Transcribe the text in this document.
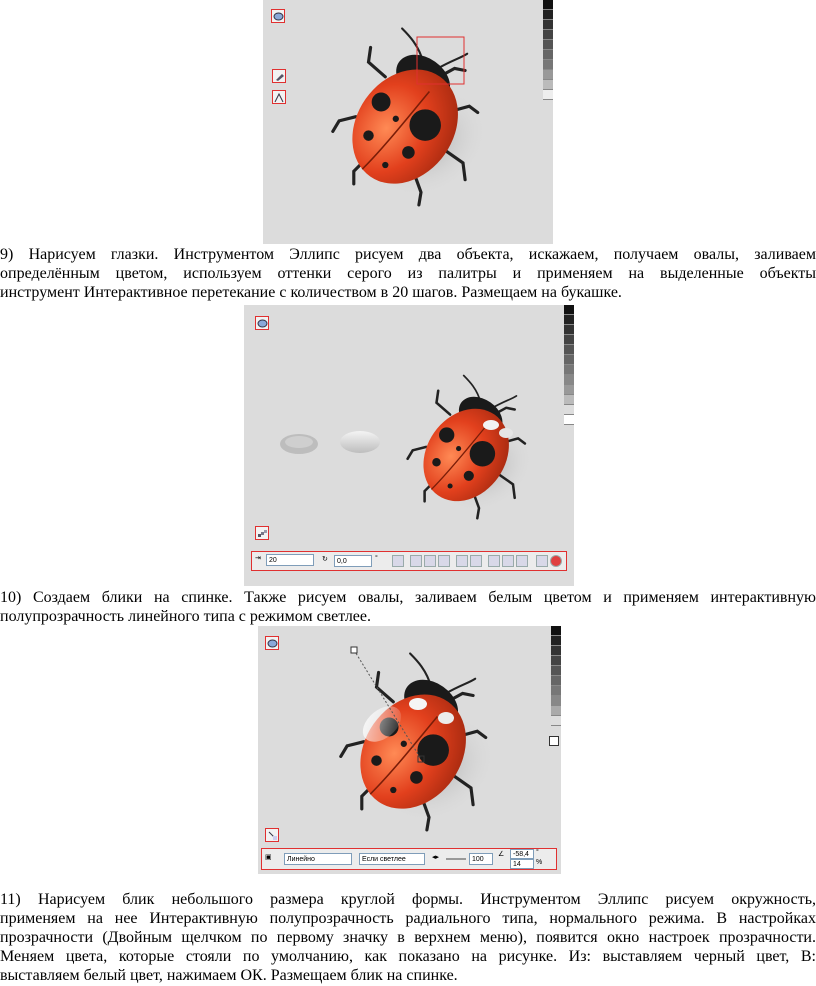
9) Нарисуем глазки. Инструментом Эллипс рисуем два объекта, искажаем, получаем овалы, заливаем
определённым цветом, используем оттенки серого из палитры и применяем на выделенные объекты
инструмент Интерактивное перетекание с количеством в 20 шагов. Размещаем на букашке.
⇥	20	↻	0,0	°
10) Создаем блики на спинке. Также рисуем овалы, заливаем белым цветом и применяем интерактивную
полупрозрачность линейного типа с режимом светлее.
▣	Линейно	Если светлее	◂▸	100
∠	-58,4
14
°
%
11) Нарисуем блик небольшого размера круглой формы. Инструментом Эллипс рисуем окружность,
применяем на нее Интерактивную полупрозрачность радиального типа, нормального режима. В настройках
прозрачности (Двойным щелчком по первому значку в верхнем меню), появится окно настроек прозрачности.
Меняем цвета, которые стояли по умолчанию, как показано на рисунке. Из: выставляем черный цвет, В:
выставляем белый цвет, нажимаем ОК. Размещаем блик на спинке.
